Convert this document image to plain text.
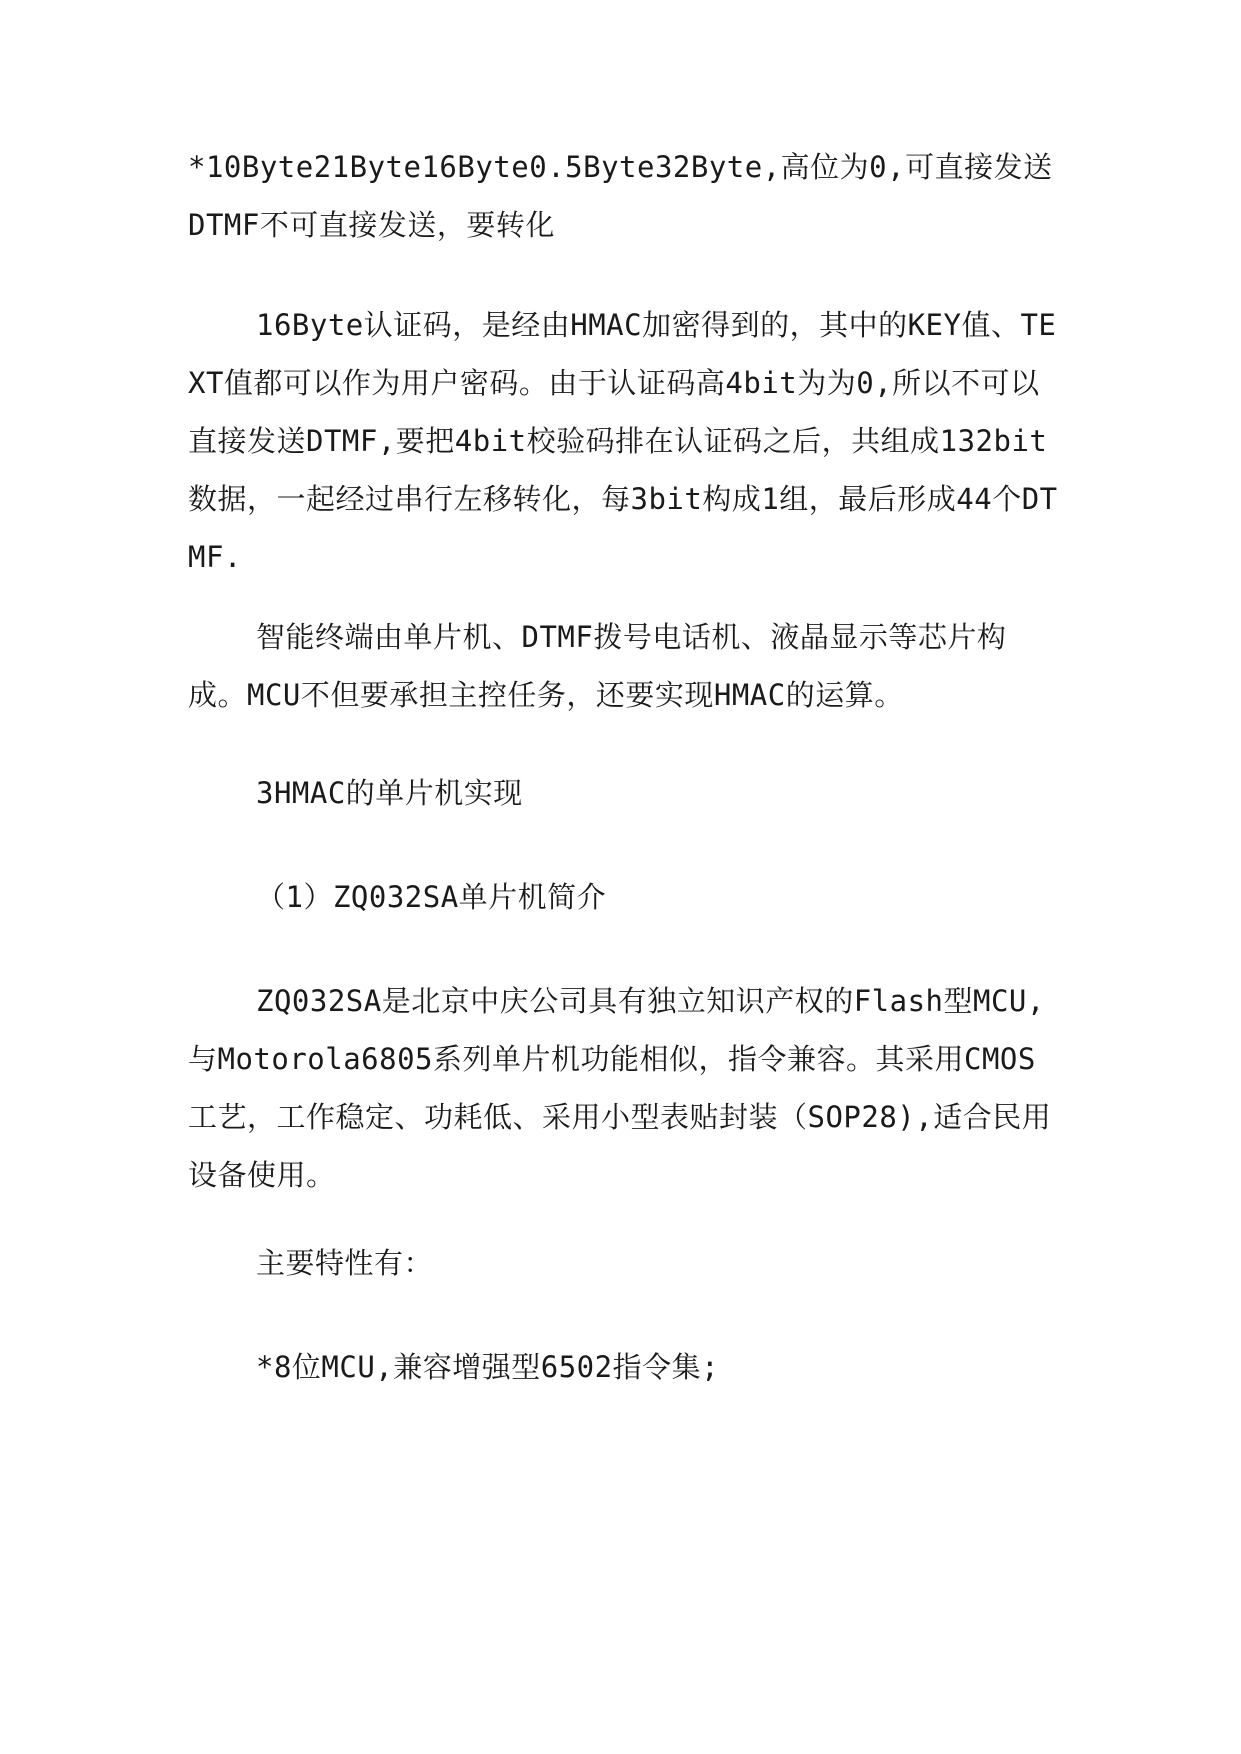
*10Byte21Byte16Byte0.5Byte32Byte,高位为0,可直接发送DTMF不可直接发送，要转化

16Byte认证码，是经由HMAC加密得到的，其中的KEY值、TEXT值都可以作为用户密码。由于认证码高4bit为为0,所以不可以直接发送DTMF,要把4bit校验码排在认证码之后，共组成132bit数据，一起经过串行左移转化，每3bit构成1组，最后形成44个DTMF.

智能终端由单片机、DTMF拨号电话机、液晶显示等芯片构成。MCU不但要承担主控任务，还要实现HMAC的运算。

3HMAC的单片机实现

（1）ZQ032SA单片机简介

ZQ032SA是北京中庆公司具有独立知识产权的Flash型MCU,与Motorola6805系列单片机功能相似，指令兼容。其采用CMOS工艺，工作稳定、功耗低、采用小型表贴封装（SOP28),适合民用设备使用。

主要特性有：

*8位MCU,兼容增强型6502指令集;
